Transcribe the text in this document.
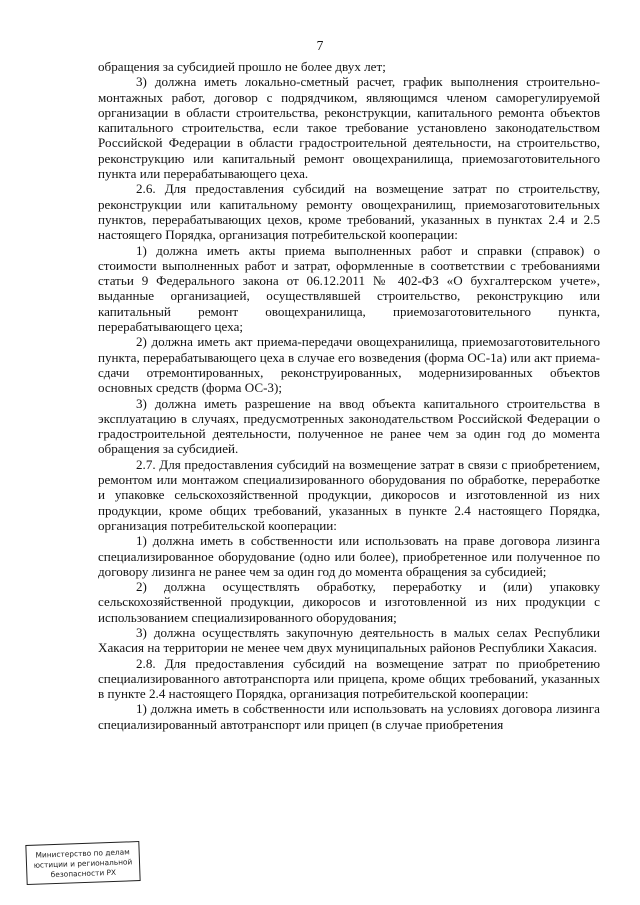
7

обращения за субсидией прошло не более двух лет;

3) должна иметь локально-сметный расчет, график выполнения строительно-монтажных работ, договор с подрядчиком, являющимся членом саморегулируемой организации в области строительства, реконструкции, капитального ремонта объектов капитального строительства, если такое требование установлено законодательством Российской Федерации в области градостроительной деятельности, на строительство, реконструкцию или капитальный ремонт овощехранилища, приемозаготовительного пункта или перерабатывающего цеха.

2.6. Для предоставления субсидий на возмещение затрат по строительству, реконструкции или капитальному ремонту овощехранилищ, приемозаготовительных пунктов, перерабатывающих цехов, кроме требований, указанных в пунктах 2.4 и 2.5 настоящего Порядка, организация потребительской кооперации:

1) должна иметь акты приема выполненных работ и справки (справок) о стоимости выполненных работ и затрат, оформленные в соответствии с требованиями статьи 9 Федерального закона от 06.12.2011 № 402-ФЗ «О бухгалтерском учете», выданные организацией, осуществлявшей строительство, реконструкцию или капитальный ремонт овощехранилища, приемозаготовительного пункта, перерабатывающего цеха;

2) должна иметь акт приема-передачи овощехранилища, приемозаготовительного пункта, перерабатывающего цеха в случае его возведения (форма ОС-1а) или акт приема-сдачи отремонтированных, реконструированных, модернизированных объектов основных средств (форма ОС-3);

3) должна иметь разрешение на ввод объекта капитального строительства в эксплуатацию в случаях, предусмотренных законодательством Российской Федерации о градостроительной деятельности, полученное не ранее чем за один год до момента обращения за субсидией.

2.7. Для предоставления субсидий на возмещение затрат в связи с приобретением, ремонтом или монтажом специализированного оборудования по обработке, переработке и упаковке сельскохозяйственной продукции, дикоросов и изготовленной из них продукции, кроме общих требований, указанных в пункте 2.4 настоящего Порядка, организация потребительской кооперации:

1) должна иметь в собственности или использовать на праве договора лизинга специализированное оборудование (одно или более), приобретенное или полученное по договору лизинга не ранее чем за один год до момента обращения за субсидией;

2) должна осуществлять обработку, переработку и (или) упаковку сельскохозяйственной продукции, дикоросов и изготовленной из них продукции с использованием специализированного оборудования;

3) должна осуществлять закупочную деятельность в малых селах Республики Хакасия на территории не менее чем двух муниципальных районов Республики Хакасия.

2.8. Для предоставления субсидий на возмещение затрат по приобретению специализированного автотранспорта или прицепа, кроме общих требований, указанных в пункте 2.4 настоящего Порядка, организация потребительской кооперации:

1) должна иметь в собственности или использовать на условиях договора лизинга специализированный автотранспорт или прицеп (в случае приобретения

Министерство по делам
юстиции и региональной
безопасности РХ
